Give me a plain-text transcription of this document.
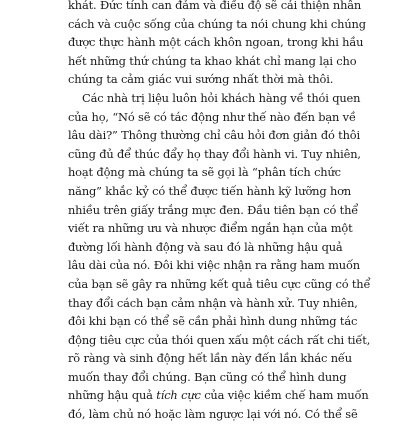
khát. Đức tính can đảm và điều độ sẽ cải thiện nhân
cách và cuộc sống của chúng ta nói chung khi chúng
được thực hành một cách khôn ngoan, trong khi hầu
hết những thứ chúng ta khao khát chỉ mang lại cho
chúng ta cảm giác vui sướng nhất thời mà thôi.
Các nhà trị liệu luôn hỏi khách hàng về thói quen
của họ, “Nó sẽ có tác động như thế nào đến bạn về
lâu dài?” Thông thường chỉ câu hỏi đơn giản đó thôi
cũng đủ để thúc đẩy họ thay đổi hành vi. Tuy nhiên,
hoạt động mà chúng ta sẽ gọi là “phân tích chức
năng” khắc kỷ có thể được tiến hành kỹ lưỡng hơn
nhiều trên giấy trắng mực đen. Đầu tiên bạn có thể
viết ra những ưu và nhược điểm ngắn hạn của một
đường lối hành động và sau đó là những hậu quả
lâu dài của nó. Đôi khi việc nhận ra rằng ham muốn
của bạn sẽ gây ra những kết quả tiêu cực cũng có thể
thay đổi cách bạn cảm nhận và hành xử. Tuy nhiên,
đôi khi bạn có thể sẽ cần phải hình dung những tác
động tiêu cực của thói quen xấu một cách rất chi tiết,
rõ ràng và sinh động hết lần này đến lần khác nếu
muốn thay đổi chúng. Bạn cũng có thể hình dung
những hậu quả tích cực của việc kiềm chế ham muốn
đó, làm chủ nó hoặc làm ngược lại với nó. Có thể sẽ
